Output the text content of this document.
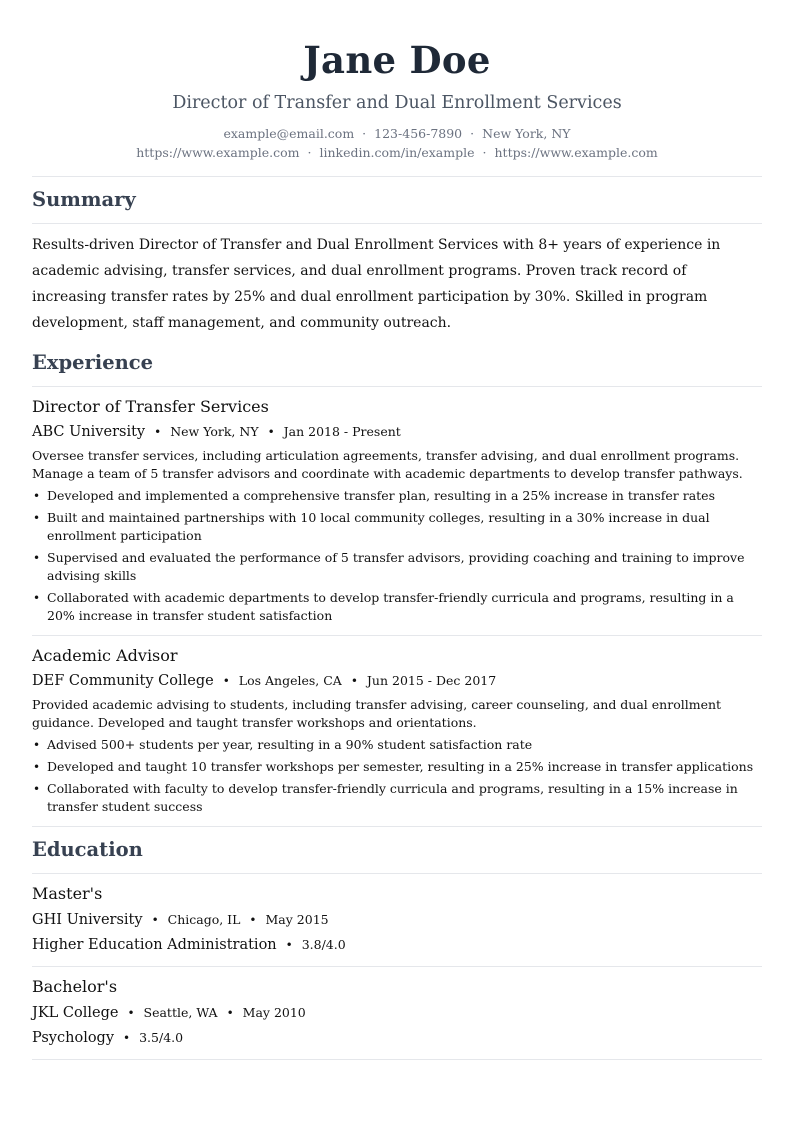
Jane Doe
Director of Transfer and Dual Enrollment Services
example@email.com · 123-456-7890 · New York, NY
https://www.example.com · linkedin.com/in/example · https://www.example.com
Summary

Results-driven Director of Transfer and Dual Enrollment Services with 8+ years of experience in academic advising, transfer services, and dual enrollment programs. Proven track record of increasing transfer rates by 25% and dual enrollment participation by 30%. Skilled in program development, staff management, and community outreach.

Experience
Director of Transfer Services
ABC University • New York, NY • Jan 2018 - Present
Oversee transfer services, including articulation agreements, transfer advising, and dual enrollment programs. Manage a team of 5 transfer advisors and coordinate with academic departments to develop transfer pathways.
• Developed and implemented a comprehensive transfer plan, resulting in a 25% increase in transfer rates
• Built and maintained partnerships with 10 local community colleges, resulting in a 30% increase in dual enrollment participation
• Supervised and evaluated the performance of 5 transfer advisors, providing coaching and training to improve advising skills
• Collaborated with academic departments to develop transfer-friendly curricula and programs, resulting in a 20% increase in transfer student satisfaction
Academic Advisor
DEF Community College • Los Angeles, CA • Jun 2015 - Dec 2017
Provided academic advising to students, including transfer advising, career counseling, and dual enrollment guidance. Developed and taught transfer workshops and orientations.
• Advised 500+ students per year, resulting in a 90% student satisfaction rate
• Developed and taught 10 transfer workshops per semester, resulting in a 25% increase in transfer applications
• Collaborated with faculty to develop transfer-friendly curricula and programs, resulting in a 15% increase in transfer student success
Education
Master's
GHI University • Chicago, IL • May 2015
Higher Education Administration • 3.8/4.0
Bachelor's
JKL College • Seattle, WA • May 2010
Psychology • 3.5/4.0
